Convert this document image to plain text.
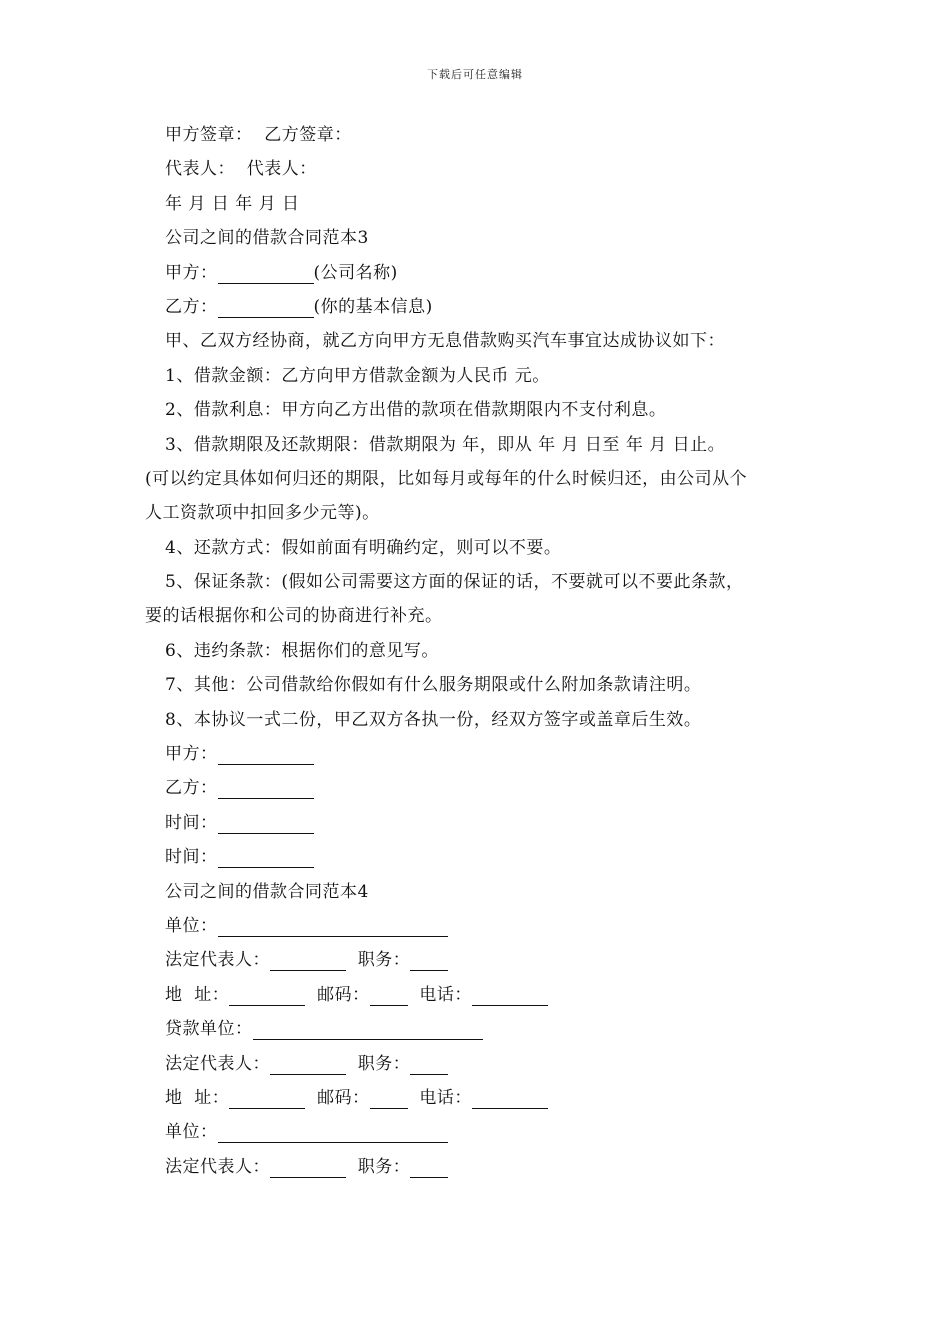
下载后可任意编辑
甲方签章：  乙方签章：
代表人：  代表人：
年 月 日 年 月 日
公司之间的借款合同范本3
甲方：	(公司名称)
乙方：	(你的基本信息)
甲、乙双方经协商，就乙方向甲方无息借款购买汽车事宜达成协议如下：
1、借款金额：乙方向甲方借款金额为人民币 元。
2、借款利息：甲方向乙方出借的款项在借款期限内不支付利息。
3、借款期限及还款期限：借款期限为 年，即从 年 月 日至 年 月 日止。
(可以约定具体如何归还的期限，比如每月或每年的什么时候归还，由公司从个
人工资款项中扣回多少元等)。
4、还款方式：假如前面有明确约定，则可以不要。
5、保证条款：(假如公司需要这方面的保证的话，不要就可以不要此条款，
要的话根据你和公司的协商进行补充。
6、违约条款：根据你们的意见写。
7、其他：公司借款给你假如有什么服务期限或什么附加条款请注明。
8、本协议一式二份，甲乙双方各执一份，经双方签字或盖章后生效。
甲方：
乙方：
时间：
时间：
公司之间的借款合同范本4
单位：
法定代表人：	职务：
地  址：	邮码：  电话：
贷款单位：
法定代表人：	职务：
地  址：	邮码：  电话：
单位：
法定代表人：	职务：
